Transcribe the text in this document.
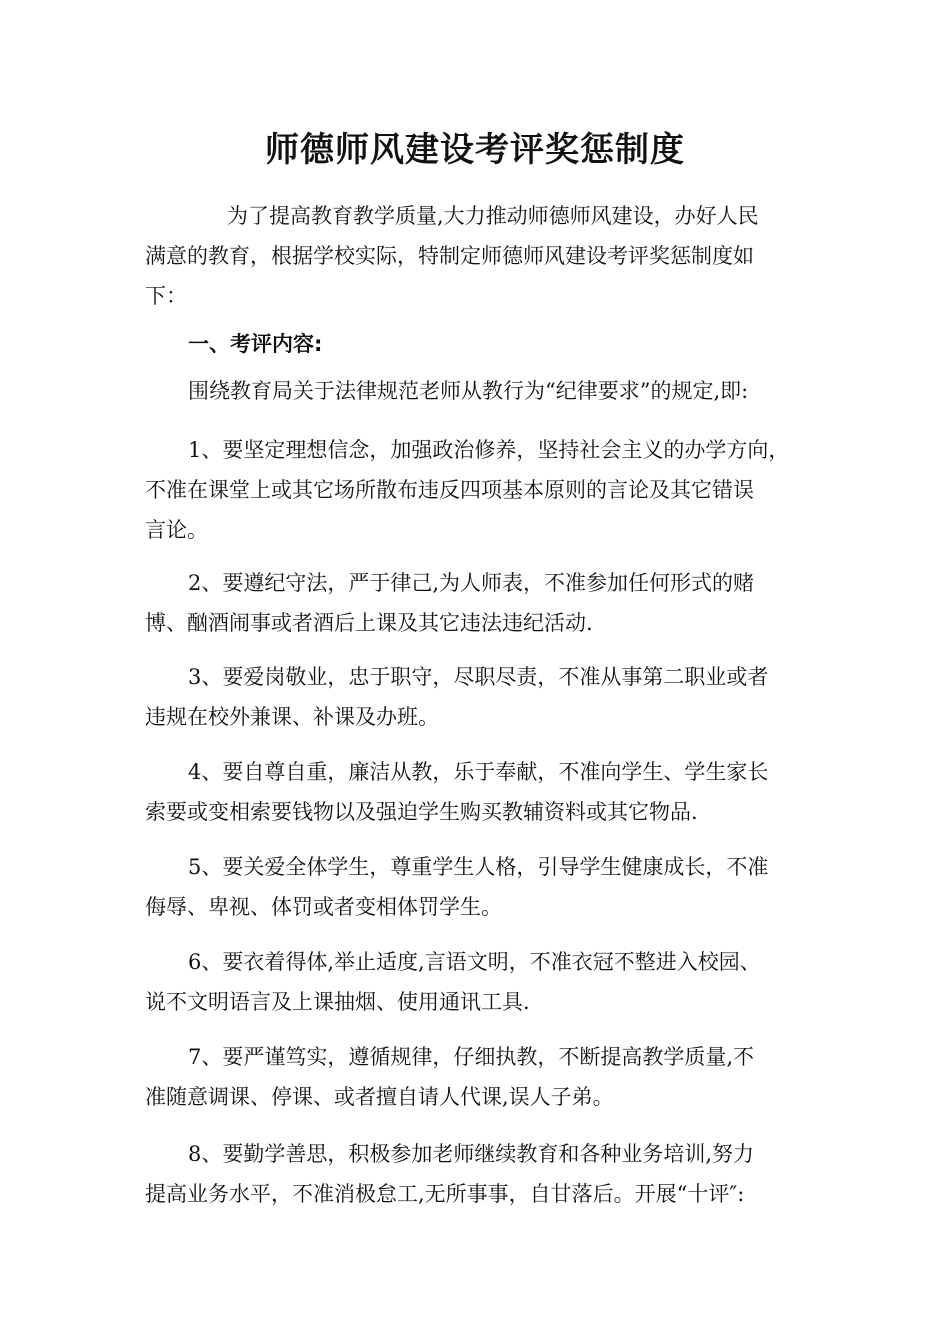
师德师风建设考评奖惩制度
为了提高教育教学质量,大力推动师德师风建设，办好人民
满意的教育，根据学校实际，特制定师德师风建设考评奖惩制度如
下：
一、考评内容:
围绕教育局关于法律规范老师从教行为“纪律要求”的规定,即:
1、要坚定理想信念，加强政治修养，坚持社会主义的办学方向，
不准在课堂上或其它场所散布违反四项基本原则的言论及其它错误
言论。
2、要遵纪守法，严于律己,为人师表，不准参加任何形式的赌
博、酗酒闹事或者酒后上课及其它违法违纪活动.
3、要爱岗敬业，忠于职守，尽职尽责，不准从事第二职业或者
违规在校外兼课、补课及办班。
4、要自尊自重，廉洁从教，乐于奉献，不准向学生、学生家长
索要或变相索要钱物以及强迫学生购买教辅资料或其它物品.
5、要关爱全体学生，尊重学生人格，引导学生健康成长，不准
侮辱、卑视、体罚或者变相体罚学生。
6、要衣着得体,举止适度,言语文明，不准衣冠不整进入校园、
说不文明语言及上课抽烟、使用通讯工具.
7、要严谨笃实，遵循规律，仔细执教，不断提高教学质量,不
准随意调课、停课、或者擅自请人代课,误人子弟。
8、要勤学善思，积极参加老师继续教育和各种业务培训,努力
提高业务水平，不准消极怠工,无所事事，自甘落后。开展“十评″:
